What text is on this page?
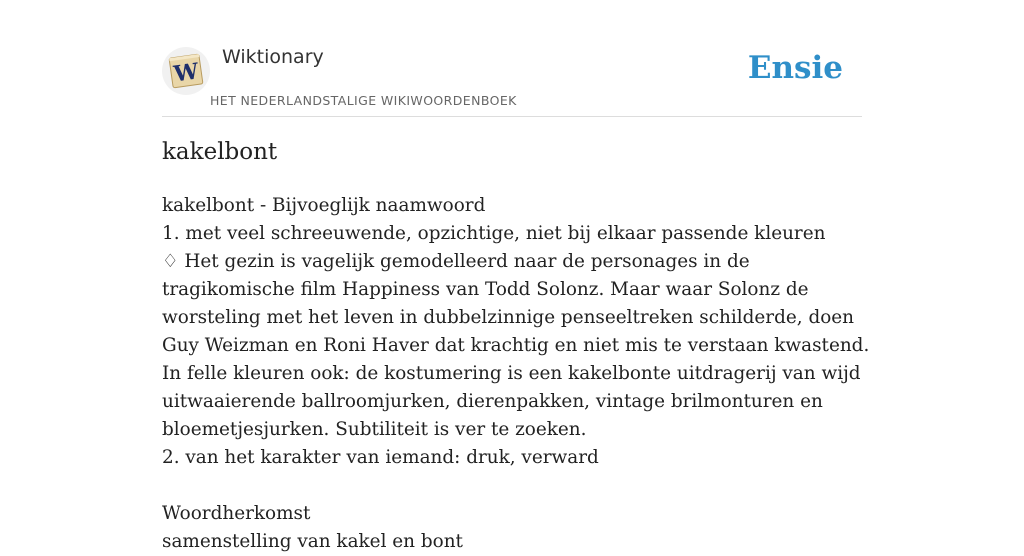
W
Wiktionary
HET NEDERLANDSTALIGE WIKIWOORDENBOEK
Ensie
kakelbont
kakelbont - Bijvoeglijk naamwoord
1. met veel schreeuwende, opzichtige, niet bij elkaar passende kleuren
♢ Het gezin is vagelijk gemodelleerd naar de personages in de tragikomische film Happiness van Todd Solonz. Maar waar Solonz de worsteling met het leven in dubbelzinnige penseeltreken schilderde, doen Guy Weizman en Roni Haver dat krachtig en niet mis te verstaan kwastend. In felle kleuren ook: de kostumering is een kakelbonte uitdragerij van wijd uitwaaierende ballroomjurken, dierenpakken, vintage brilmonturen en bloemetjesjurken. Subtiliteit is ver te zoeken.
2. van het karakter van iemand: druk, verward
Woordherkomst
samenstelling van kakel en bont
